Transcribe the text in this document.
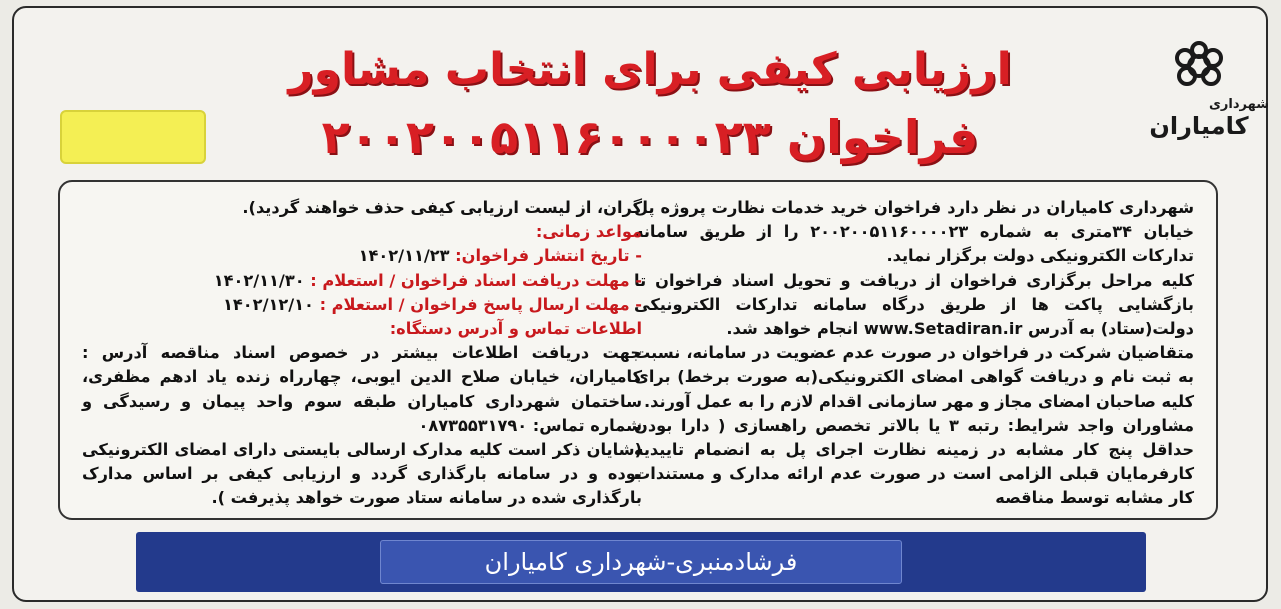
ارزیابی کیفی برای انتخاب مشاور
فراخوان ۲۰۰۲۰۰۵۱۱۶۰۰۰۰۲۳
شهرداری
کامیاران

شهرداری کامیاران در نظر دارد فراخوان خرید خدمات نظارت پروژه پل خیابان ۳۴متری به شماره ۲۰۰۲۰۰۵۱۱۶۰۰۰۰۲۳ را از طریق سامانه تدارکات الکترونیکی دولت برگزار نماید.

کلیه مراحل برگزاری فراخوان از دریافت و تحویل اسناد فراخوان تا بازگشایی پاکت ها از طریق درگاه سامانه تدارکات الکترونیکی دولت(ستاد) به آدرس www.Setadiran.ir انجام خواهد شد.

متقاضیان شرکت در فراخوان در صورت عدم عضویت در سامانه، نسبت به ثبت نام و دریافت گواهی امضای الکترونیکی(به صورت برخط) برای کلیه صاحبان امضای مجاز و مهر سازمانی اقدام لازم را به عمل آورند.

مشاوران واجد شرایط: رتبه ۳ یا بالاتر تخصص راهسازی ( دارا بودن حداقل پنج کار مشابه در زمینه نظارت اجرای پل به انضمام تاییدیه کارفرمایان قبلی الزامی است در صورت عدم ارائه مدارک و مستندات کار مشابه توسط مناقصه

گران، از لیست ارزیابی کیفی حذف خواهند گردید).

مواعد زمانی:

- تاریخ انتشار فراخوان: ۱۴۰۲/۱۱/۲۳

- مهلت دریافت اسناد فراخوان / استعلام : ۱۴۰۲/۱۱/۳۰

- مهلت ارسال پاسخ فراخوان / استعلام : ۱۴۰۲/۱۲/۱۰

اطلاعات تماس و آدرس دستگاه:

جهت دریافت اطلاعات بیشتر در خصوص اسناد مناقصه آدرس : کامیاران، خیابان صلاح الدین ایوبی، چهارراه زنده یاد ادهم مظفری، ساختمان شهرداری کامیاران طبقه سوم واحد پیمان و رسیدگی و شماره تماس: ۰۸۷۳۵۵۳۱۷۹۰

(شایان ذکر است کلیه مدارک ارسالی بایستی دارای امضای الکترونیکی بوده و در سامانه بارگذاری گردد و ارزیابی کیفی بر اساس مدارک بارگذاری شده در سامانه ستاد صورت خواهد پذیرفت ).

فرشادمنبری-شهرداری کامیاران
